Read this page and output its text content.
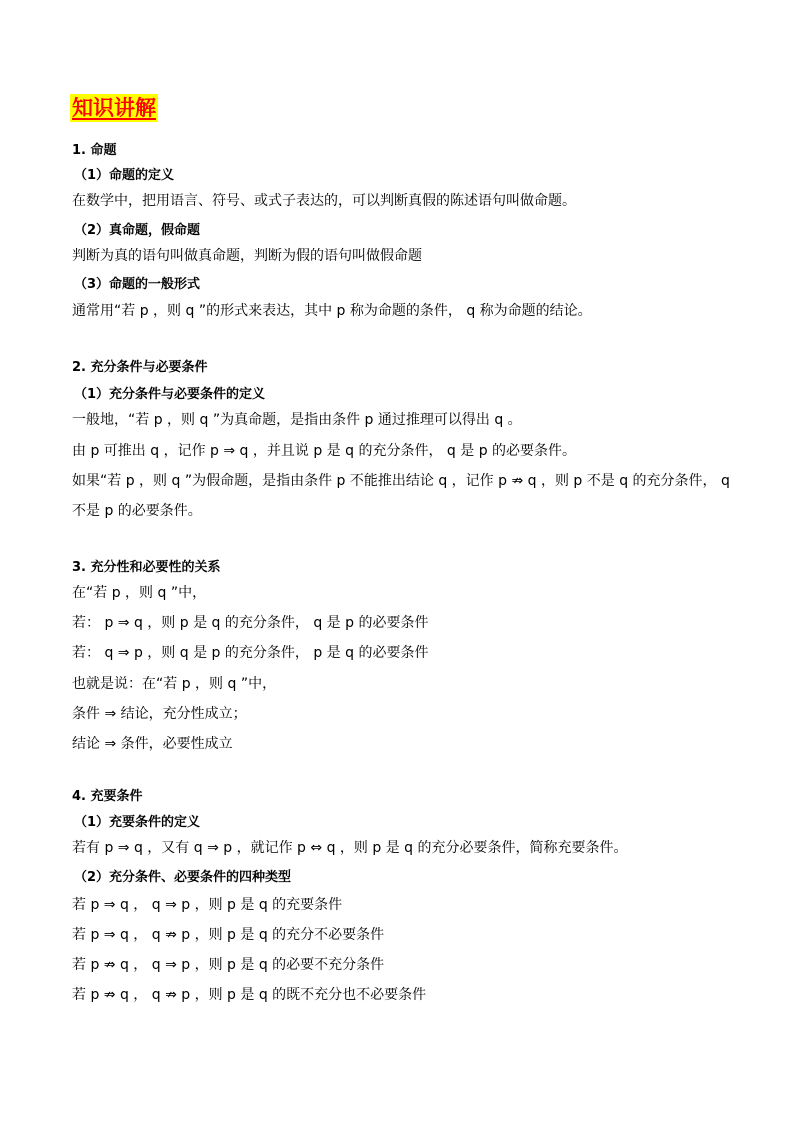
知识讲解
1. 命题
（1）命题的定义
在数学中，把用语言、符号、或式子表达的，可以判断真假的陈述语句叫做命题。
（2）真命题，假命题
判断为真的语句叫做真命题，判断为假的语句叫做假命题
（3）命题的一般形式
通常用“若 p ，则 q ”的形式来表达，其中 p 称为命题的条件， q 称为命题的结论。
2. 充分条件与必要条件
（1）充分条件与必要条件的定义
一般地，“若 p ，则 q ”为真命题，是指由条件 p 通过推理可以得出 q 。
由 p 可推出 q ，记作 p ⇒ q ，并且说 p 是 q 的充分条件， q 是 p 的必要条件。
如果“若 p ，则 q ”为假命题，是指由条件 p 不能推出结论 q ，记作 p ⇏ q ，则 p 不是 q 的充分条件， q
不是 p 的必要条件。
3. 充分性和必要性的关系
在“若 p ，则 q ”中，
若： p ⇒ q ，则 p 是 q 的充分条件， q 是 p 的必要条件
若： q ⇒ p ，则 q 是 p 的充分条件， p 是 q 的必要条件
也就是说：在“若 p ，则 q ”中，
条件 ⇒ 结论，充分性成立；
结论 ⇒ 条件，必要性成立
4. 充要条件
（1）充要条件的定义
若有 p ⇒ q ，又有 q ⇒ p ，就记作 p ⇔ q ，则 p 是 q 的充分必要条件，简称充要条件。
（2）充分条件、必要条件的四种类型
若 p ⇒ q ， q ⇒ p ，则 p 是 q 的充要条件
若 p ⇒ q ， q ⇏ p ，则 p 是 q 的充分不必要条件
若 p ⇏ q ， q ⇒ p ，则 p 是 q 的必要不充分条件
若 p ⇏ q ， q ⇏ p ，则 p 是 q 的既不充分也不必要条件
